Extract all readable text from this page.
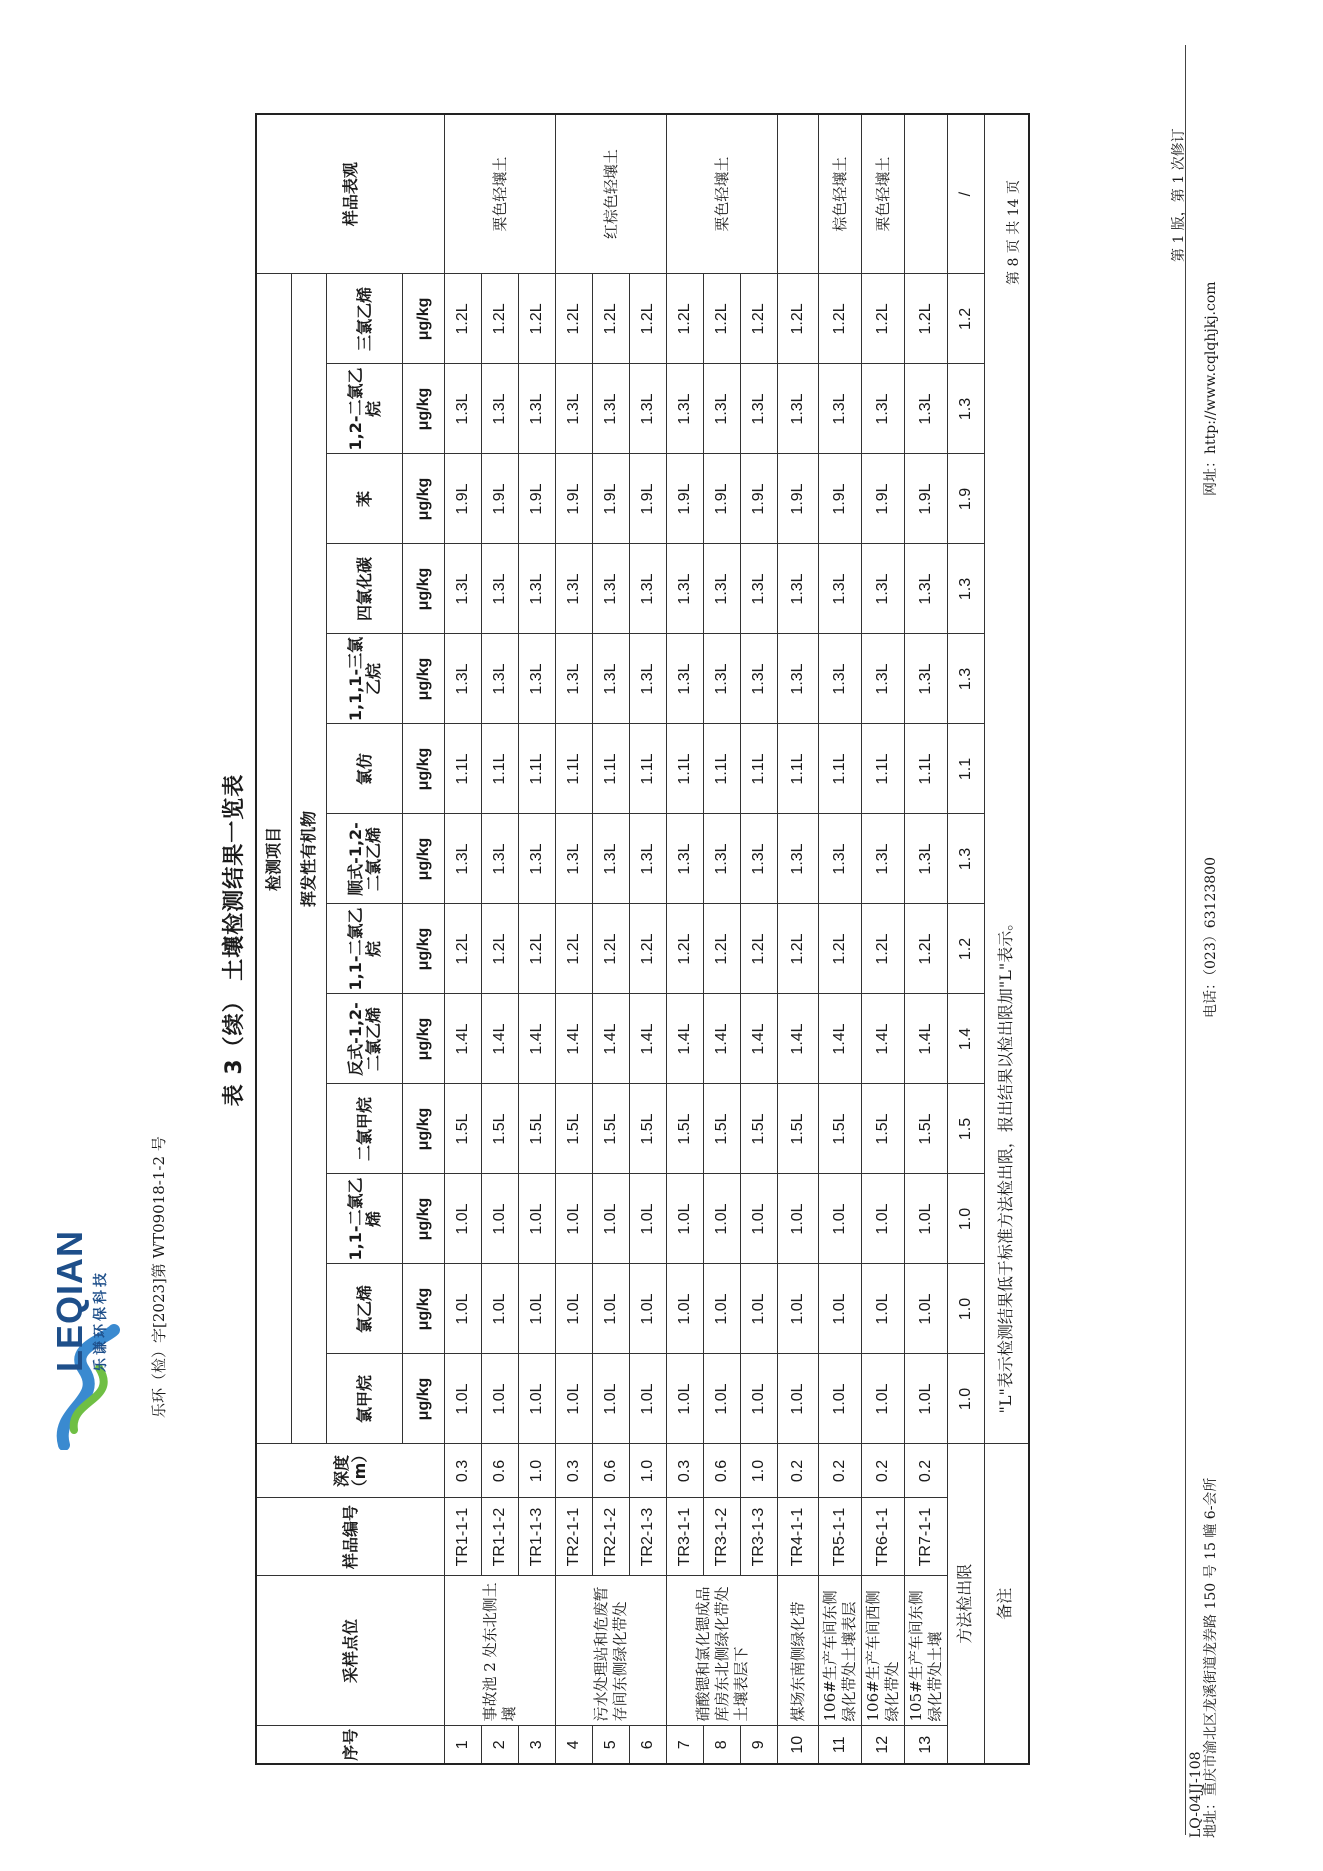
LEQIAN 乐谦环保科技	乐环（检）字[2023]第 WT09018-1-2 号
第 8 页 共 14 页
表 3（续） 土壤检测结果一览表
序号	采样点位	样品编号	深度（m）	检测项目													样品表观
				挥发性有机物													
				氯甲烷	氯乙烯	1,1-二氯乙烯	二氯甲烷	反式-1,2-二氯乙烯	1,1-二氯乙烷	顺式-1,2-二氯乙烯	氯仿	1,1,1-三氯乙烷	四氯化碳	苯	1,2-二氯乙烷	三氯乙烯	
				μg/kg	μg/kg	μg/kg	μg/kg	μg/kg	μg/kg	μg/kg	μg/kg	μg/kg	μg/kg	μg/kg	μg/kg	μg/kg	
1	事故池 2 处东北侧土壤	TR1-1-1	0.3	1.0L	1.0L	1.0L	1.5L	1.4L	1.2L	1.3L	1.1L	1.3L	1.3L	1.9L	1.3L	1.2L	栗色轻壤土
2		TR1-1-2	0.6	1.0L	1.0L	1.0L	1.5L	1.4L	1.2L	1.3L	1.1L	1.3L	1.3L	1.9L	1.3L	1.2L	
3		TR1-1-3	1.0	1.0L	1.0L	1.0L	1.5L	1.4L	1.2L	1.3L	1.1L	1.3L	1.3L	1.9L	1.3L	1.2L	
4	污水处理站和危废暂存间东侧绿化带处	TR2-1-1	0.3	1.0L	1.0L	1.0L	1.5L	1.4L	1.2L	1.3L	1.1L	1.3L	1.3L	1.9L	1.3L	1.2L	红棕色轻壤土
5		TR2-1-2	0.6	1.0L	1.0L	1.0L	1.5L	1.4L	1.2L	1.3L	1.1L	1.3L	1.3L	1.9L	1.3L	1.2L	
6		TR2-1-3	1.0	1.0L	1.0L	1.0L	1.5L	1.4L	1.2L	1.3L	1.1L	1.3L	1.3L	1.9L	1.3L	1.2L	
7	硝酸锶和氯化锶成品库房东北侧绿化带处土壤表层下	TR3-1-1	0.3	1.0L	1.0L	1.0L	1.5L	1.4L	1.2L	1.3L	1.1L	1.3L	1.3L	1.9L	1.3L	1.2L	栗色轻壤土
8		TR3-1-2	0.6	1.0L	1.0L	1.0L	1.5L	1.4L	1.2L	1.3L	1.1L	1.3L	1.3L	1.9L	1.3L	1.2L	
9		TR3-1-3	1.0	1.0L	1.0L	1.0L	1.5L	1.4L	1.2L	1.3L	1.1L	1.3L	1.3L	1.9L	1.3L	1.2L	
10	煤场东南侧绿化带	TR4-1-1	0.2	1.0L	1.0L	1.0L	1.5L	1.4L	1.2L	1.3L	1.1L	1.3L	1.3L	1.9L	1.3L	1.2L	
11	106#生产车间东侧绿化带处土壤表层	TR5-1-1	0.2	1.0L	1.0L	1.0L	1.5L	1.4L	1.2L	1.3L	1.1L	1.3L	1.3L	1.9L	1.3L	1.2L	棕色轻壤土
12	106#生产车间西侧绿化带处	TR6-1-1	0.2	1.0L	1.0L	1.0L	1.5L	1.4L	1.2L	1.3L	1.1L	1.3L	1.3L	1.9L	1.3L	1.2L	栗色轻壤土
13	105#生产车间东侧绿化带处土壤	TR7-1-1	0.2	1.0L	1.0L	1.0L	1.5L	1.4L	1.2L	1.3L	1.1L	1.3L	1.3L	1.9L	1.3L	1.2L	
方法检出限				1.0	1.0	1.0	1.5	1.4	1.2	1.3	1.1	1.3	1.3	1.9	1.3	1.2	/
备注				"L"表示检测结果低于标准方法检出限，报出结果以检出限加"L"表示。													
LQ-04JJ-108 地址：重庆市渝北区龙溪街道龙券路 150 号 15 幢 6-会所
电话：（023）63123800
第 1 版，第 1 次修订
网址：http://www.cqlqhjkj.com
